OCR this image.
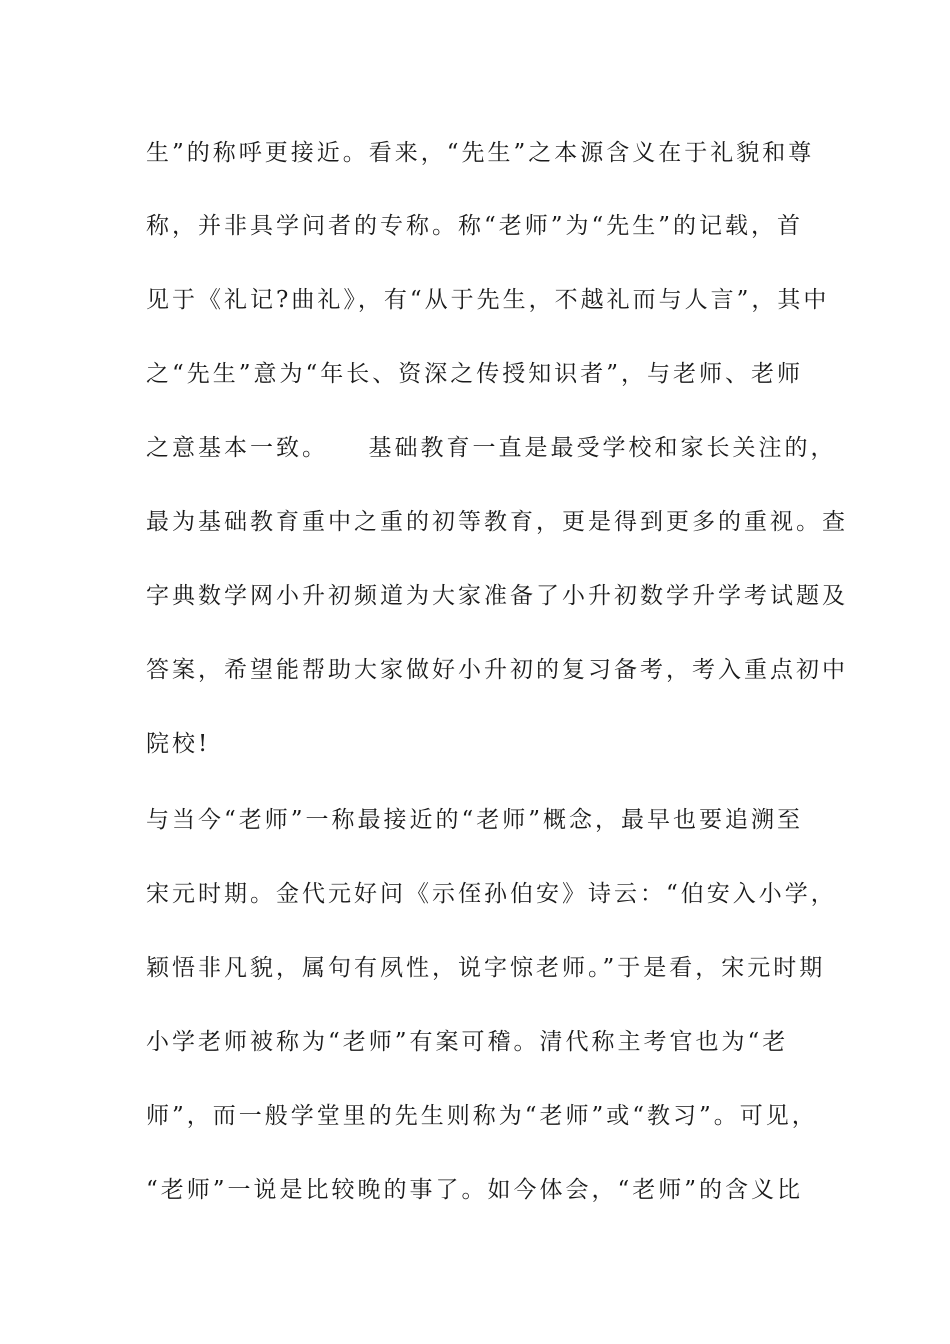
生”的称呼更接近。看来，“先生”之本源含义在于礼貌和尊
称，并非具学问者的专称。称“老师”为“先生”的记载，首
见于《礼记?曲礼》，有“从于先生，不越礼而与人言”，其中
之“先生”意为“年长、资深之传授知识者”，与老师、老师
之意基本一致。　　基础教育一直是最受学校和家长关注的，
最为基础教育重中之重的初等教育，更是得到更多的重视。查
字典数学网小升初频道为大家准备了小升初数学升学考试题及
答案，希望能帮助大家做好小升初的复习备考，考入重点初中
院校!
与当今“老师”一称最接近的“老师”概念，最早也要追溯至
宋元时期。金代元好问《示侄孙伯安》诗云：“伯安入小学，
颖悟非凡貌，属句有夙性，说字惊老师。”于是看，宋元时期
小学老师被称为“老师”有案可稽。清代称主考官也为“老
师”，而一般学堂里的先生则称为“老师”或“教习”。可见，
“老师”一说是比较晚的事了。如今体会，“老师”的含义比
